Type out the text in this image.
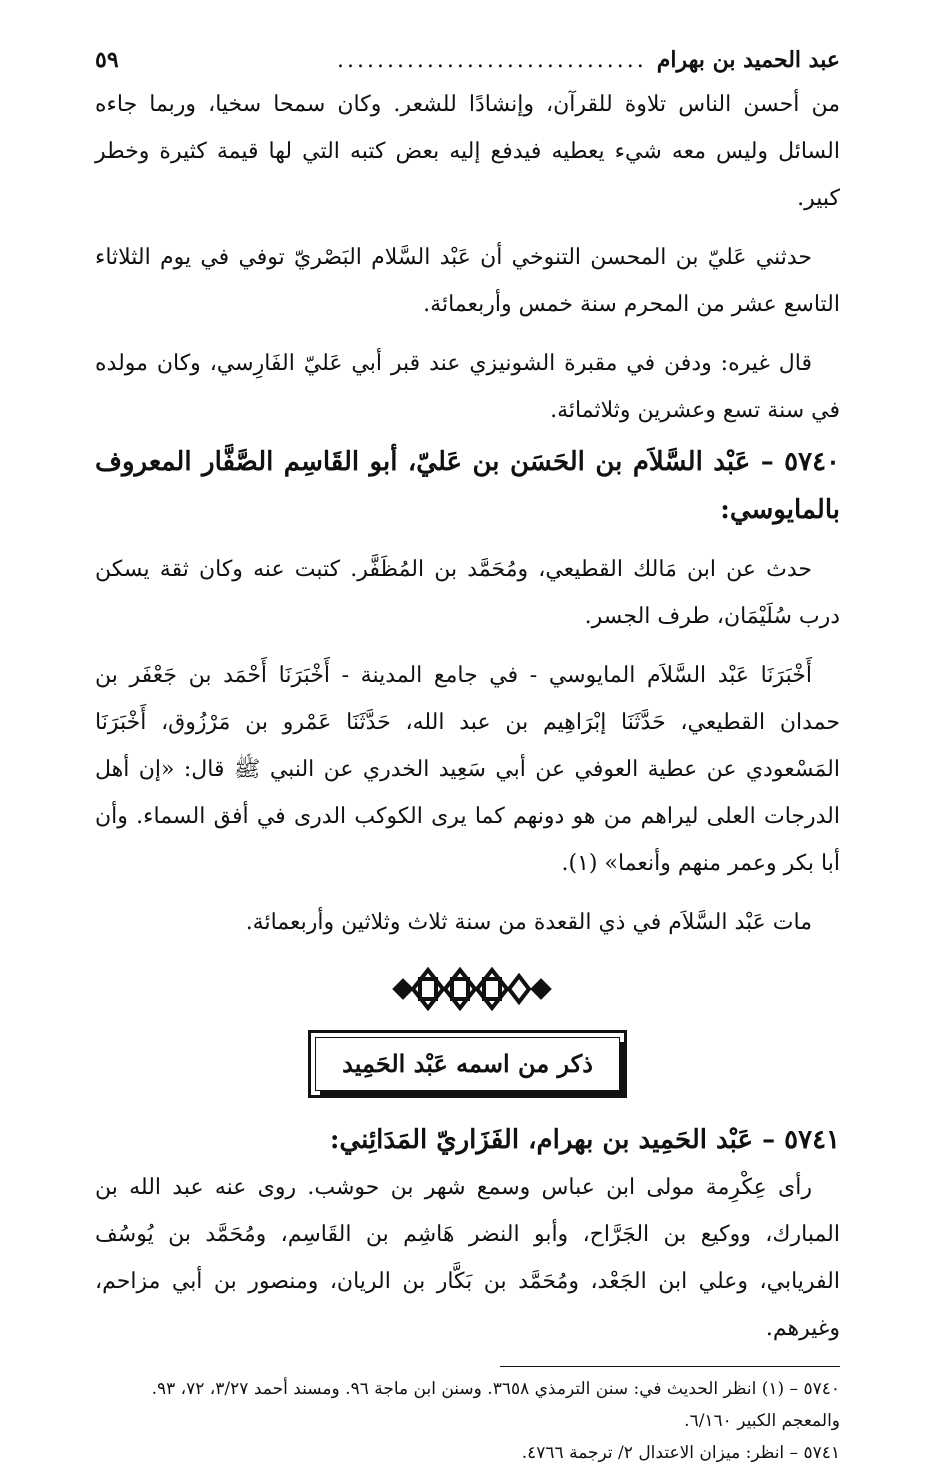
عبد الحميد بن بهرام
...............................
٥٩

من أحسن الناس تلاوة للقرآن، وإنشادًا للشعر. وكان سمحا سخيا، وربما جاءه السائل وليس معه شيء يعطيه فيدفع إليه بعض كتبه التي لها قيمة كثيرة وخطر كبير.

حدثني عَليّ بن المحسن التنوخي أن عَبْد السَّلام البَصْريّ توفي في يوم الثلاثاء التاسع عشر من المحرم سنة خمس وأربعمائة.

قال غيره: ودفن في مقبرة الشونيزي عند قبر أبي عَليّ الفَارِسي، وكان مولده في سنة تسع وعشرين وثلاثمائة.

٥٧٤٠ – عَبْد السَّلاَم بن الحَسَن بن عَليّ، أبو القَاسِم الصَّفَّار المعروف بالمايوسي:

حدث عن ابن مَالك القطيعي، ومُحَمَّد بن المُظَفَّر. كتبت عنه وكان ثقة يسكن درب سُلَيْمَان، طرف الجسر.

أَخْبَرَنَا عَبْد السَّلاَم المايوسي - في جامع المدينة - أَخْبَرَنَا أَحْمَد بن جَعْفَر بن حمدان القطيعي، حَدَّثَنَا إبْرَاهِيم بن عبد الله، حَدَّثَنَا عَمْرو بن مَرْزُوق، أَخْبَرَنَا المَسْعودي عن عطية العوفي عن أبي سَعِيد الخدري عن النبي ﷺ قال: «إن أهل الدرجات العلى ليراهم من هو دونهم كما يرى الكوكب الدرى في أفق السماء. وأن أبا بكر وعمر منهم وأنعما» (١).

مات عَبْد السَّلاَم في ذي القعدة من سنة ثلاث وثلاثين وأربعمائة.

ذكر من اسمه عَبْد الحَمِيد

٥٧٤١ – عَبْد الحَمِيد بن بهرام، الفَزَاريّ المَدَائِني:

رأى عِكْرِمة مولى ابن عباس وسمع شهر بن حوشب. روى عنه عبد الله بن المبارك، ووكيع بن الجَرَّاح، وأبو النضر هَاشِم بن القَاسِم، ومُحَمَّد بن يُوسُف الفريابي، وعلي ابن الجَعْد، ومُحَمَّد بن بَكَّار بن الريان، ومنصور بن أبي مزاحم، وغيرهم.

٥٧٤٠ – (١) انظر الحديث في: سنن الترمذي ٣٦٥٨. وسنن ابن ماجة ٩٦. ومسند أحمد ٣/٢٧، ٧٢، ٩٣. والمعجم الكبير ٦/١٦٠.

٥٧٤١ – انظر: ميزان الاعتدال ٢/ ترجمة ٤٧٦٦.
